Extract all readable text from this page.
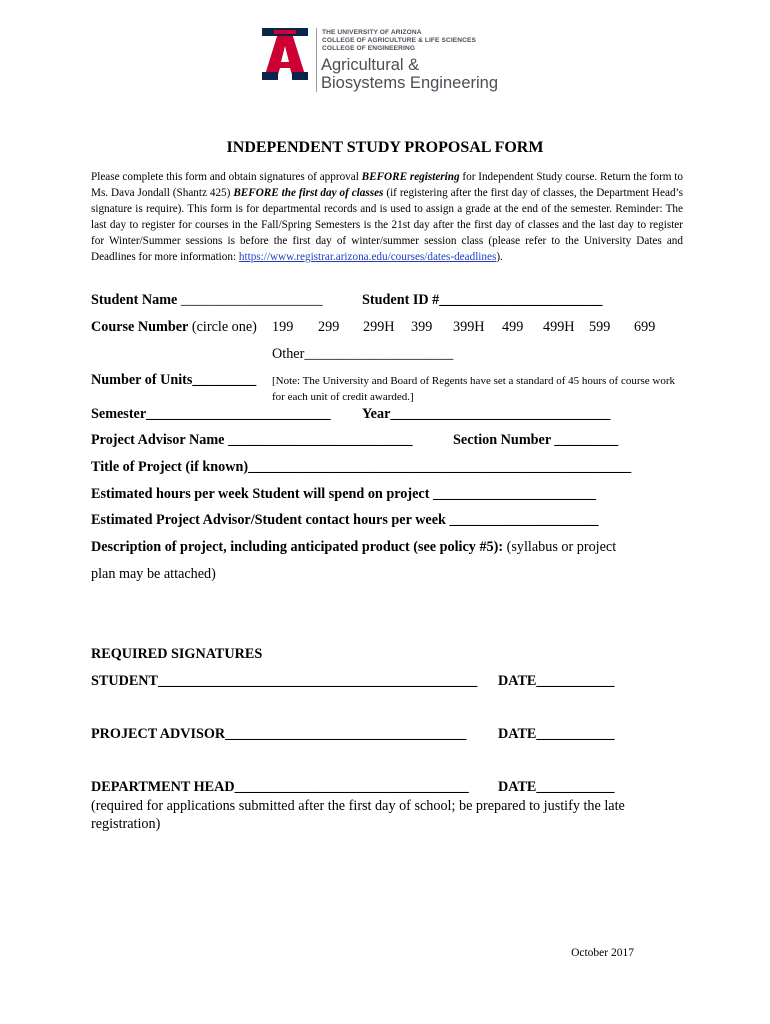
THE UNIVERSITY OF ARIZONA
COLLEGE OF AGRICULTURE & LIFE SCIENCES
COLLEGE OF ENGINEERING
Agricultural &
Biosystems Engineering
INDEPENDENT STUDY PROPOSAL FORM
Please complete this form and obtain signatures of approval BEFORE registering for Independent Study course. Return the form to Ms. Dava Jondall (Shantz 425) BEFORE the first day of classes (if registering after the first day of classes, the Department Head’s signature is require). This form is for departmental records and is used to assign a grade at the end of the semester. Reminder: The last day to register for courses in the Fall/Spring Semesters is the 21st day after the first day of classes and the last day to register for Winter/Summer sessions is before the first day of winter/summer session class (please refer to the University Dates and Deadlines for more information: https://www.registrar.arizona.edu/courses/dates-deadlines).
Student Name ____________________	Student ID #_______________________
Course Number (circle one) 199 299 299H 399 399H 499 499H 599 699
Other_____________________
Number of Units_________ [Note: The University and Board of Regents have set a standard of 45 hours of course work for each unit of credit awarded.]
Semester__________________________ Year_______________________________
Project Advisor Name __________________________	Section Number _________
Title of Project (if known)______________________________________________________
Estimated hours per week Student will spend on project _______________________
Estimated Project Advisor/Student contact hours per week _____________________
Description of project, including anticipated product (see policy #5): (syllabus or project
plan may be attached)
REQUIRED SIGNATURES
STUDENT_____________________________________________ DATE___________
PROJECT ADVISOR__________________________________ DATE___________
DEPARTMENT HEAD_________________________________ DATE___________
(required for applications submitted after the first day of school; be prepared to justify the late registration)
October 2017
